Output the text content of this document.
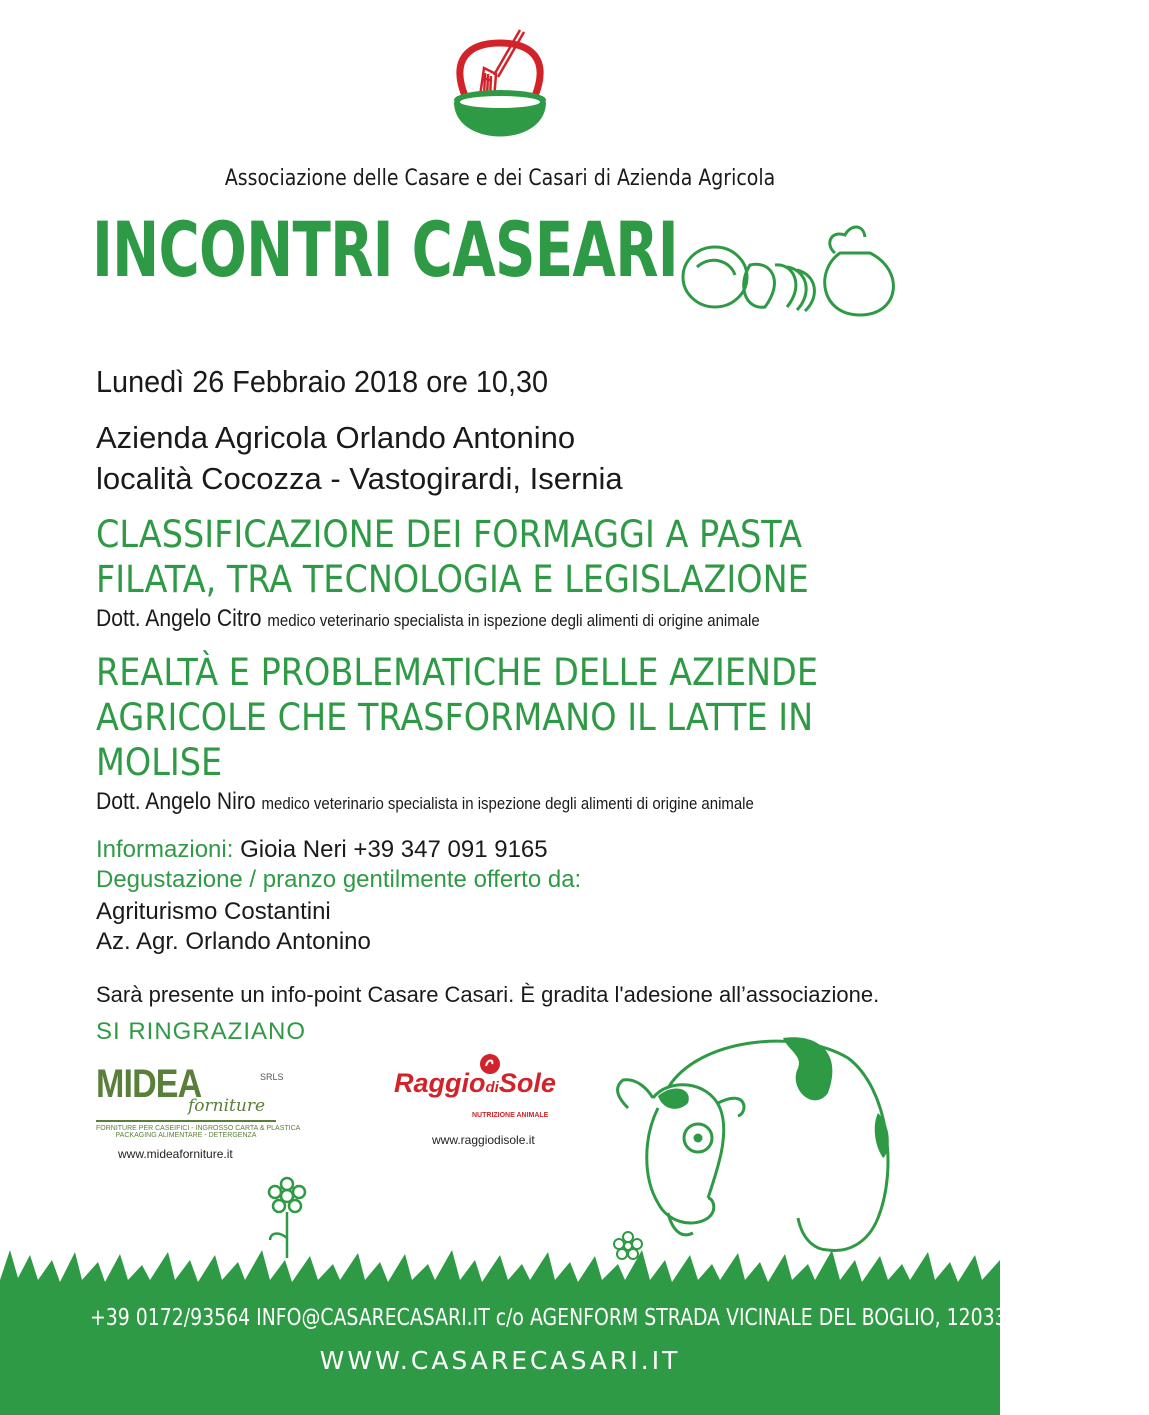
Associazione delle Casare e dei Casari di Azienda Agricola
INCONTRI CASEARI
Lunedì 26 Febbraio 2018 ore 10,30
Azienda Agricola Orlando Antonino
località Cocozza - Vastogirardi, Isernia
CLASSIFICAZIONE DEI FORMAGGI A PASTA FILATA, TRA TECNOLOGIA E LEGISLAZIONE
Dott. Angelo Citro medico veterinario specialista in ispezione degli alimenti di origine animale
REALTÀ E PROBLEMATICHE DELLE AZIENDE AGRICOLE CHE TRASFORMANO IL LATTE IN MOLISE
Dott. Angelo Niro medico veterinario specialista in ispezione degli alimenti di origine animale
Informazioni: Gioia Neri +39 347 091 9165
Degustazione / pranzo gentilmente offerto da:
Agriturismo Costantini
Az. Agr. Orlando Antonino
Sarà presente un info-point Casare Casari. È gradita l'adesione all’associazione.
SI RINGRAZIANO
MIDEA	SRLS
forniture
FORNITURE PER CASEIFICI - INGROSSO CARTA & PLASTICA
PACKAGING ALIMENTARE - DETERGENZA
www.mideaforniture.it
RaggiodiSole
NUTRIZIONE ANIMALE
www.raggiodisole.it
+39 0172/93564 INFO@CASARECASARI.IT c/o AGENFORM STRADA VICINALE DEL BOGLIO, 12033 MORETTA - CN
WWW.CASARECASARI.IT
